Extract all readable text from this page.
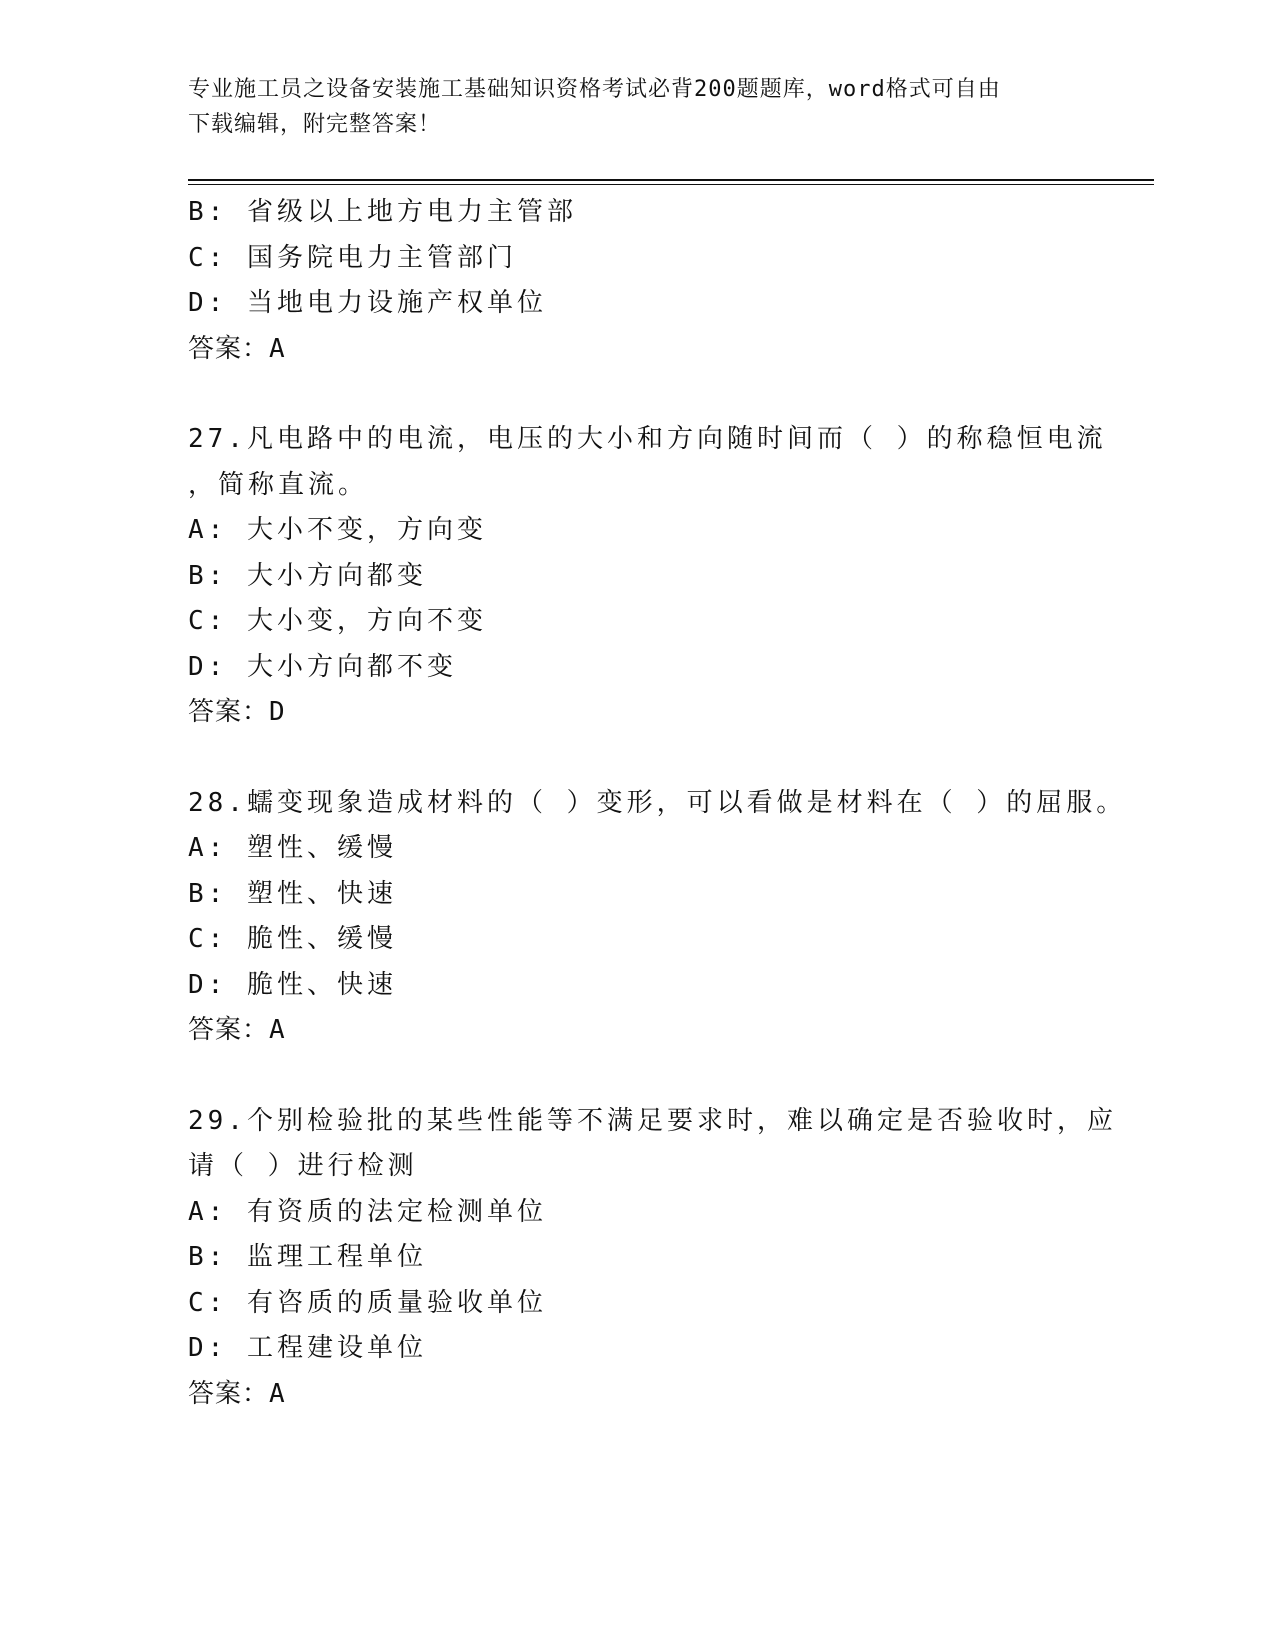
专业施工员之设备安装施工基础知识资格考试必背200题题库，word格式可自由
下载编辑，附完整答案！
B: 省级以上地方电力主管部
C: 国务院电力主管部门
D: 当地电力设施产权单位
答案：A
27.凡电路中的电流，电压的大小和方向随时间而（ ）的称稳恒电流
，简称直流。
A: 大小不变，方向变
B: 大小方向都变
C: 大小变，方向不变
D: 大小方向都不变
答案：D
28.蠕变现象造成材料的（ ）变形，可以看做是材料在（ ）的屈服。
A: 塑性、缓慢
B: 塑性、快速
C: 脆性、缓慢
D: 脆性、快速
答案：A
29.个别检验批的某些性能等不满足要求时，难以确定是否验收时，应
请（ ）进行检测
A: 有资质的法定检测单位
B: 监理工程单位
C: 有咨质的质量验收单位
D: 工程建设单位
答案：A
